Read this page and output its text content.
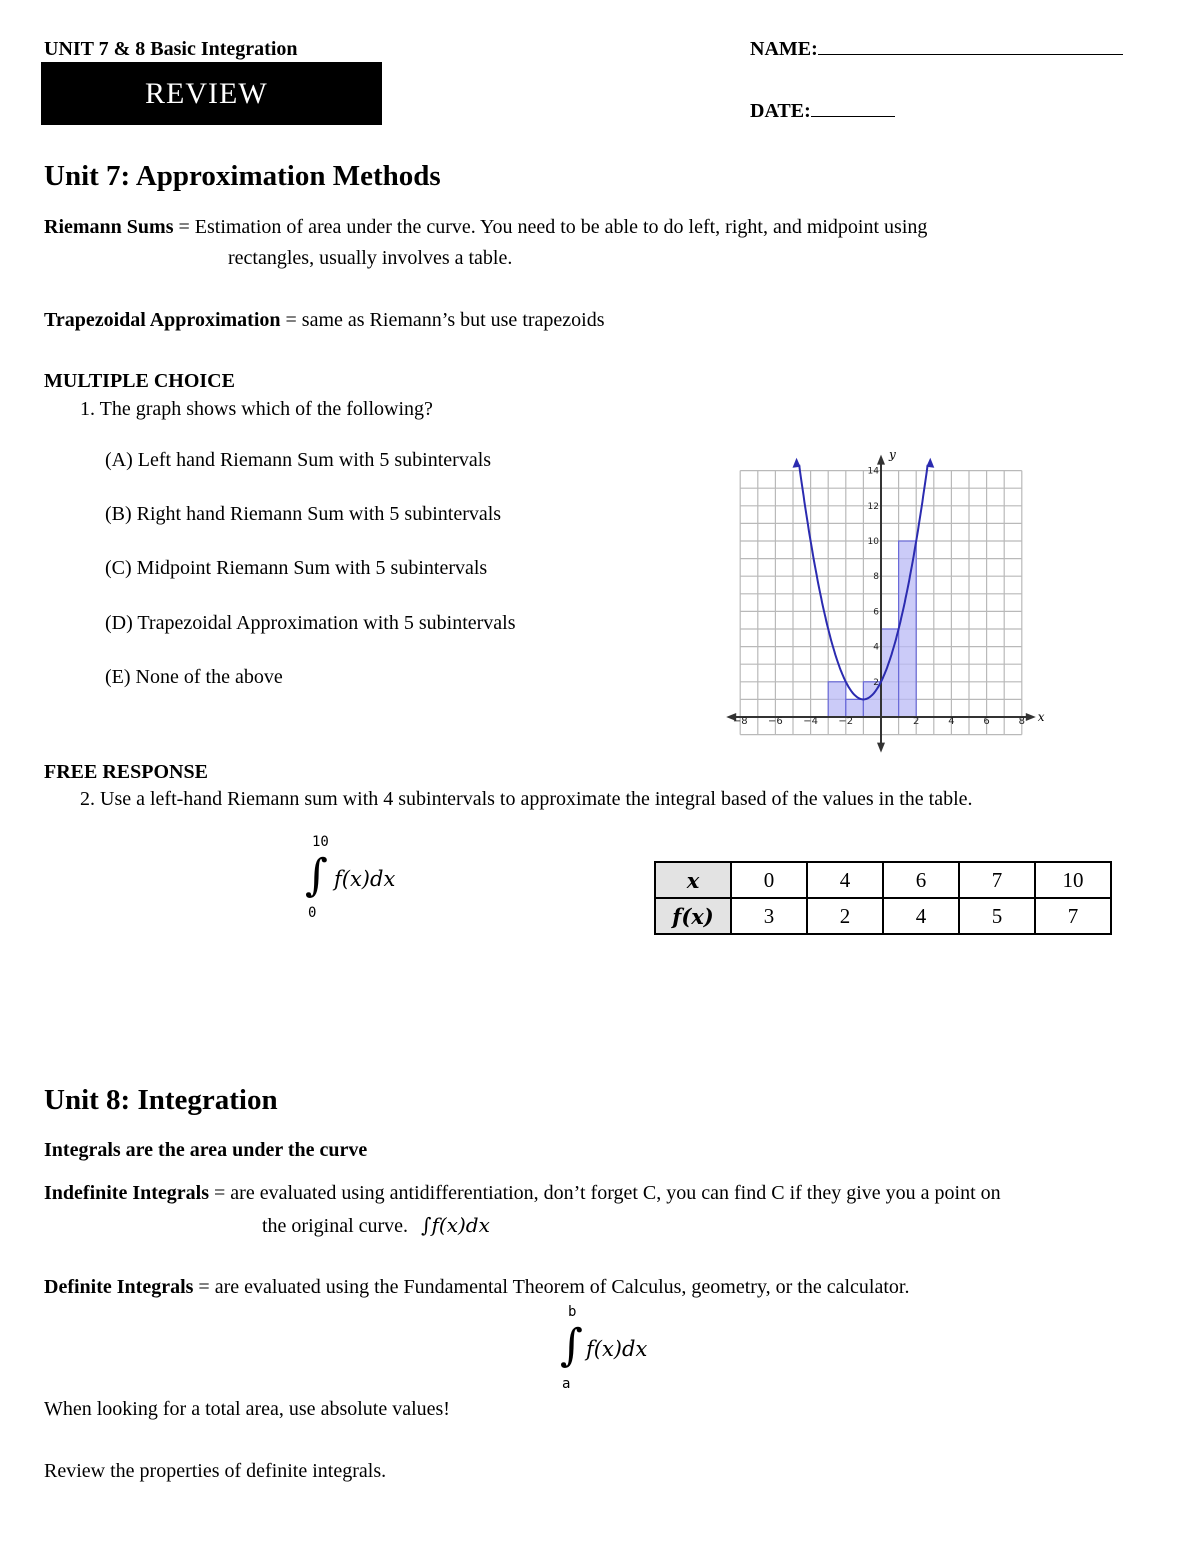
UNIT 7 & 8 Basic Integration
REVIEW
NAME:
DATE:
Unit 7: Approximation Methods
Riemann Sums = Estimation of area under the curve. You need to be able to do left, right, and midpoint using
rectangles, usually involves a table.
Trapezoidal Approximation = same as Riemann’s but use trapezoids
MULTIPLE CHOICE
1. The graph shows which of the following?
(A) Left hand Riemann Sum with 5 subintervals
(B) Right hand Riemann Sum with 5 subintervals
(C) Midpoint Riemann Sum with 5 subintervals
(D) Trapezoidal Approximation with 5 subintervals
(E) None of the above
−8 −6 −4 −2	2	4	6	8
2
4
6
8
10
12
14
x
y
FREE RESPONSE
2. Use a left-hand Riemann sum with 4 subintervals to approximate the integral based of the values in the table.
10
∫
0
f(x)dx	x	0	4	6	7	10
f(x)	3	2	4	5	7
Unit 8: Integration
Integrals are the area under the curve
Indefinite Integrals = are evaluated using antidifferentiation, don’t forget C, you can find C if they give you a point on
the original curve. ∫f(x)dx
Definite Integrals = are evaluated using the Fundamental Theorem of Calculus, geometry, or the calculator.
b
∫
a
f(x)dx
When looking for a total area, use absolute values!
Review the properties of definite integrals.
